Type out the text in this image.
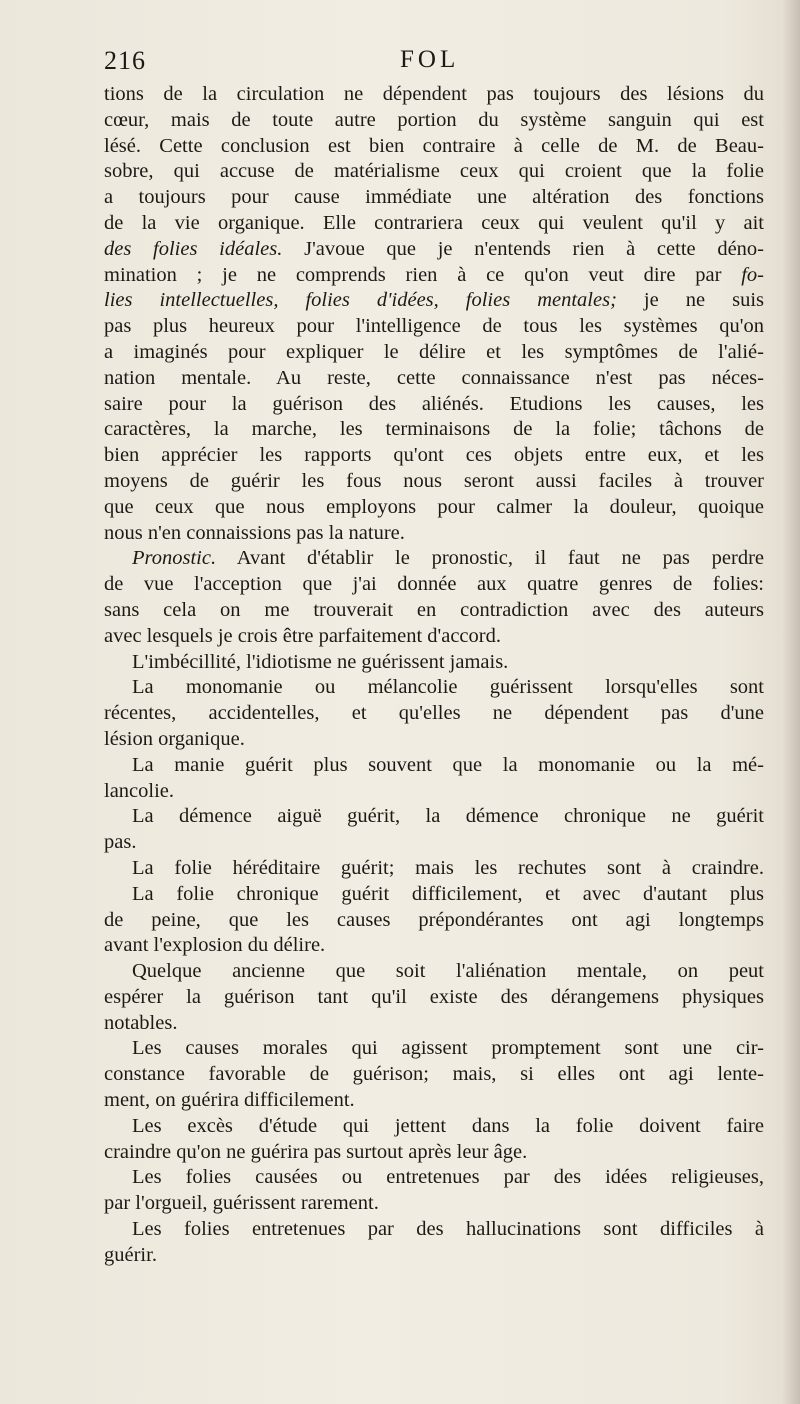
216	FOL
tions de la circulation ne dépendent pas toujours des lésions du
cœur, mais de toute autre portion du système sanguin qui est
lésé. Cette conclusion est bien contraire à celle de M. de Beau-
sobre, qui accuse de matérialisme ceux qui croient que la folie
a toujours pour cause immédiate une altération des fonctions
de la vie organique. Elle contrariera ceux qui veulent qu'il y ait
des folies idéales. J'avoue que je n'entends rien à cette déno-
mination ; je ne comprends rien à ce qu'on veut dire par fo-
lies intellectuelles, folies d'idées, folies mentales; je ne suis
pas plus heureux pour l'intelligence de tous les systèmes qu'on
a imaginés pour expliquer le délire et les symptômes de l'alié-
nation mentale. Au reste, cette connaissance n'est pas néces-
saire pour la guérison des aliénés. Etudions les causes, les
caractères, la marche, les terminaisons de la folie; tâchons de
bien apprécier les rapports qu'ont ces objets entre eux, et les
moyens de guérir les fous nous seront aussi faciles à trouver
que ceux que nous employons pour calmer la douleur, quoique
nous n'en connaissions pas la nature.
Pronostic. Avant d'établir le pronostic, il faut ne pas perdre
de vue l'acception que j'ai donnée aux quatre genres de folies:
sans cela on me trouverait en contradiction avec des auteurs
avec lesquels je crois être parfaitement d'accord.
L'imbécillité, l'idiotisme ne guérissent jamais.
La monomanie ou mélancolie guérissent lorsqu'elles sont
récentes, accidentelles, et qu'elles ne dépendent pas d'une
lésion organique.
La manie guérit plus souvent que la monomanie ou la mé-
lancolie.
La démence aiguë guérit, la démence chronique ne guérit
pas.
La folie héréditaire guérit; mais les rechutes sont à craindre.
La folie chronique guérit difficilement, et avec d'autant plus
de peine, que les causes prépondérantes ont agi longtemps
avant l'explosion du délire.
Quelque ancienne que soit l'aliénation mentale, on peut
espérer la guérison tant qu'il existe des dérangemens physiques
notables.
Les causes morales qui agissent promptement sont une cir-
constance favorable de guérison; mais, si elles ont agi lente-
ment, on guérira difficilement.
Les excès d'étude qui jettent dans la folie doivent faire
craindre qu'on ne guérira pas surtout après leur âge.
Les folies causées ou entretenues par des idées religieuses,
par l'orgueil, guérissent rarement.
Les folies entretenues par des hallucinations sont difficiles à
guérir.
